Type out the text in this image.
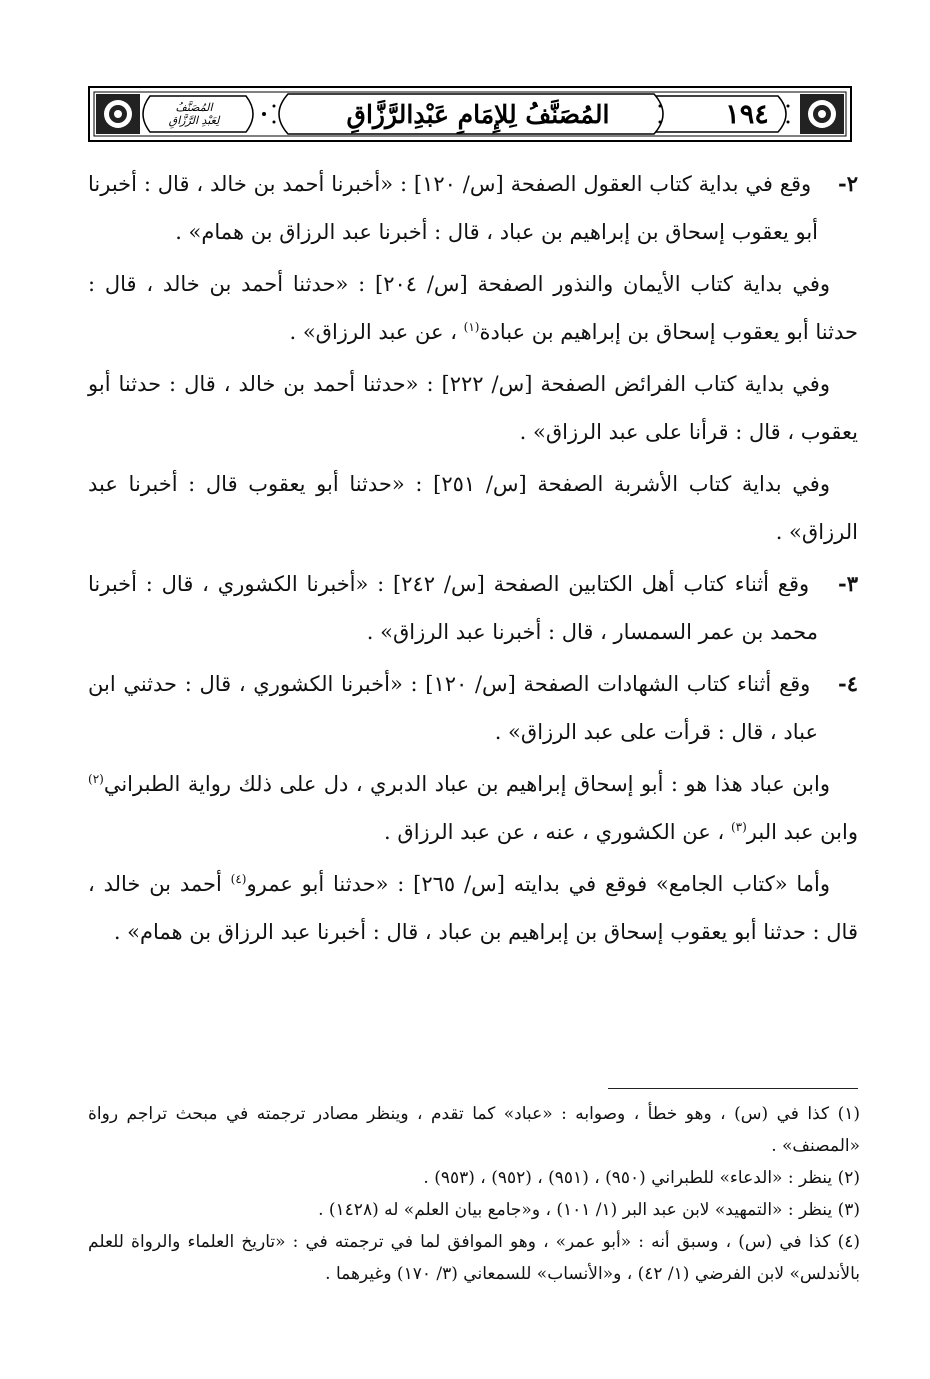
المُصَنَّفُ
لِعَبْدِ الرَّزَّاقِ	المُصَنَّفُ لِلإِمَامِ عَبْدِالرَّزَّاقِ	١٩٤

٢- وقع في بداية كتاب العقول الصفحة [س/ ١٢٠] : «أخبرنا أحمد بن خالد ، قال : أخبرنا أبو يعقوب إسحاق بن إبراهيم بن عباد ، قال : أخبرنا عبد الرزاق بن همام» .

وفي بداية كتاب الأيمان والنذور الصفحة [س/ ٢٠٤] : «حدثنا أحمد بن خالد ، قال : حدثنا أبو يعقوب إسحاق بن إبراهيم بن عبادة$^{(١)}$ ، عن عبد الرزاق» .

وفي بداية كتاب الفرائض الصفحة [س/ ٢٢٢] : «حدثنا أحمد بن خالد ، قال : حدثنا أبو يعقوب ، قال : قرأنا على عبد الرزاق» .

وفي بداية كتاب الأشربة الصفحة [س/ ٢٥١] : «حدثنا أبو يعقوب قال : أخبرنا عبد الرزاق» .

٣- وقع أثناء كتاب أهل الكتابين الصفحة [س/ ٢٤٢] : «أخبرنا الكشوري ، قال : أخبرنا محمد بن عمر السمسار ، قال : أخبرنا عبد الرزاق» .

٤- وقع أثناء كتاب الشهادات الصفحة [س/ ١٢٠] : «أخبرنا الكشوري ، قال : حدثني ابن عباد ، قال : قرأت على عبد الرزاق» .

وابن عباد هذا هو : أبو إسحاق إبراهيم بن عباد الدبري ، دل على ذلك رواية الطبراني$^{(٢)}$ وابن عبد البر$^{(٣)}$ ، عن الكشوري ، عنه ، عن عبد الرزاق .

وأما «كتاب الجامع» فوقع في بدايته [س/ ٢٦٥] : «حدثنا أبو عمرو$^{(٤)}$ أحمد بن خالد ، قال : حدثنا أبو يعقوب إسحاق بن إبراهيم بن عباد ، قال : أخبرنا عبد الرزاق بن همام» .

(١) كذا في (س) ، وهو خطأ ، وصوابه : «عباد» كما تقدم ، وينظر مصادر ترجمته في مبحث تراجم رواة «المصنف» .

(٢) ينظر : «الدعاء» للطبراني (٩٥٠) ، (٩٥١) ، (٩٥٢) ، (٩٥٣) .

(٣) ينظر : «التمهيد» لابن عبد البر (١/ ١٠١) ، و«جامع بيان العلم» له (١٤٢٨) .

(٤) كذا في (س) ، وسبق أنه : «أبو عمر» ، وهو الموافق لما في ترجمته في : «تاريخ العلماء والرواة للعلم بالأندلس» لابن الفرضي (١/ ٤٢) ، و«الأنساب» للسمعاني (٣/ ١٧٠) وغيرهما .
